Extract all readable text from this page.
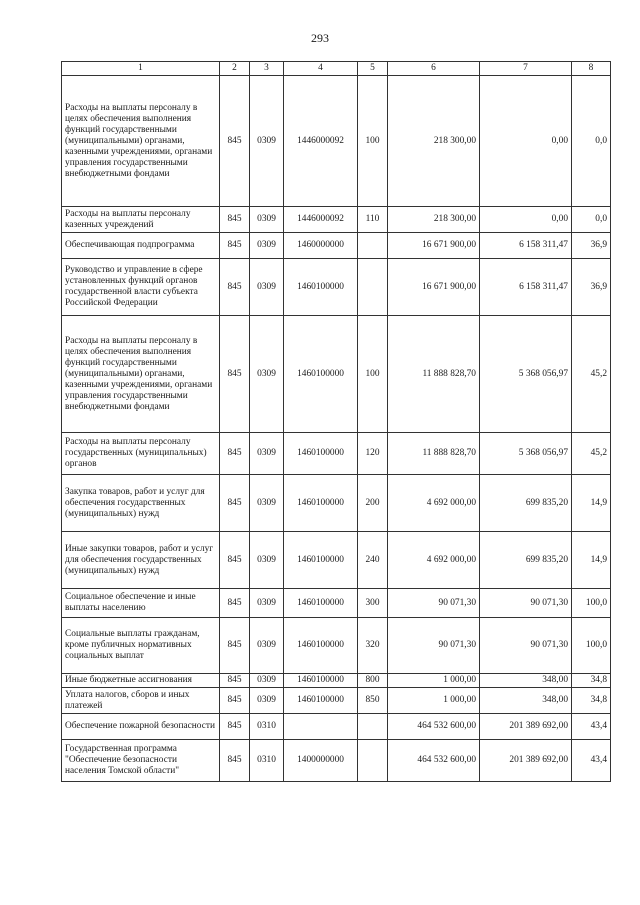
293
1	2	3	4	5	6	7	8
Расходы на выплаты персоналу в целях обеспечения выполнения функций государственными (муниципальными) органами, казенными учреждениями, органами управления государственными внебюджетными фондами	845	0309	1446000092	100	218 300,00	0,00	0,0
Расходы на выплаты персоналу казенных учреждений	845	0309	1446000092	110	218 300,00	0,00	0,0
Обеспечивающая подпрограмма	845	0309	1460000000		16 671 900,00	6 158 311,47	36,9
Руководство и управление в сфере установленных функций органов государственной власти субъекта Российской Федерации	845	0309	1460100000		16 671 900,00	6 158 311,47	36,9
Расходы на выплаты персоналу в целях обеспечения выполнения функций государственными (муниципальными) органами, казенными учреждениями, органами управления государственными внебюджетными фондами	845	0309	1460100000	100	11 888 828,70	5 368 056,97	45,2
Расходы на выплаты персоналу государственных (муниципальных) органов	845	0309	1460100000	120	11 888 828,70	5 368 056,97	45,2
Закупка товаров, работ и услуг для обеспечения государственных (муниципальных) нужд	845	0309	1460100000	200	4 692 000,00	699 835,20	14,9
Иные закупки товаров, работ и услуг для обеспечения государственных (муниципальных) нужд	845	0309	1460100000	240	4 692 000,00	699 835,20	14,9
Социальное обеспечение и иные выплаты населению	845	0309	1460100000	300	90 071,30	90 071,30	100,0
Социальные выплаты гражданам, кроме публичных нормативных социальных выплат	845	0309	1460100000	320	90 071,30	90 071,30	100,0
Иные бюджетные ассигнования	845	0309	1460100000	800	1 000,00	348,00	34,8
Уплата налогов, сборов и иных платежей	845	0309	1460100000	850	1 000,00	348,00	34,8
Обеспечение пожарной безопасности	845	0310			464 532 600,00	201 389 692,00	43,4
Государственная программа "Обеспечение безопасности населения Томской области"	845	0310	1400000000		464 532 600,00	201 389 692,00	43,4
